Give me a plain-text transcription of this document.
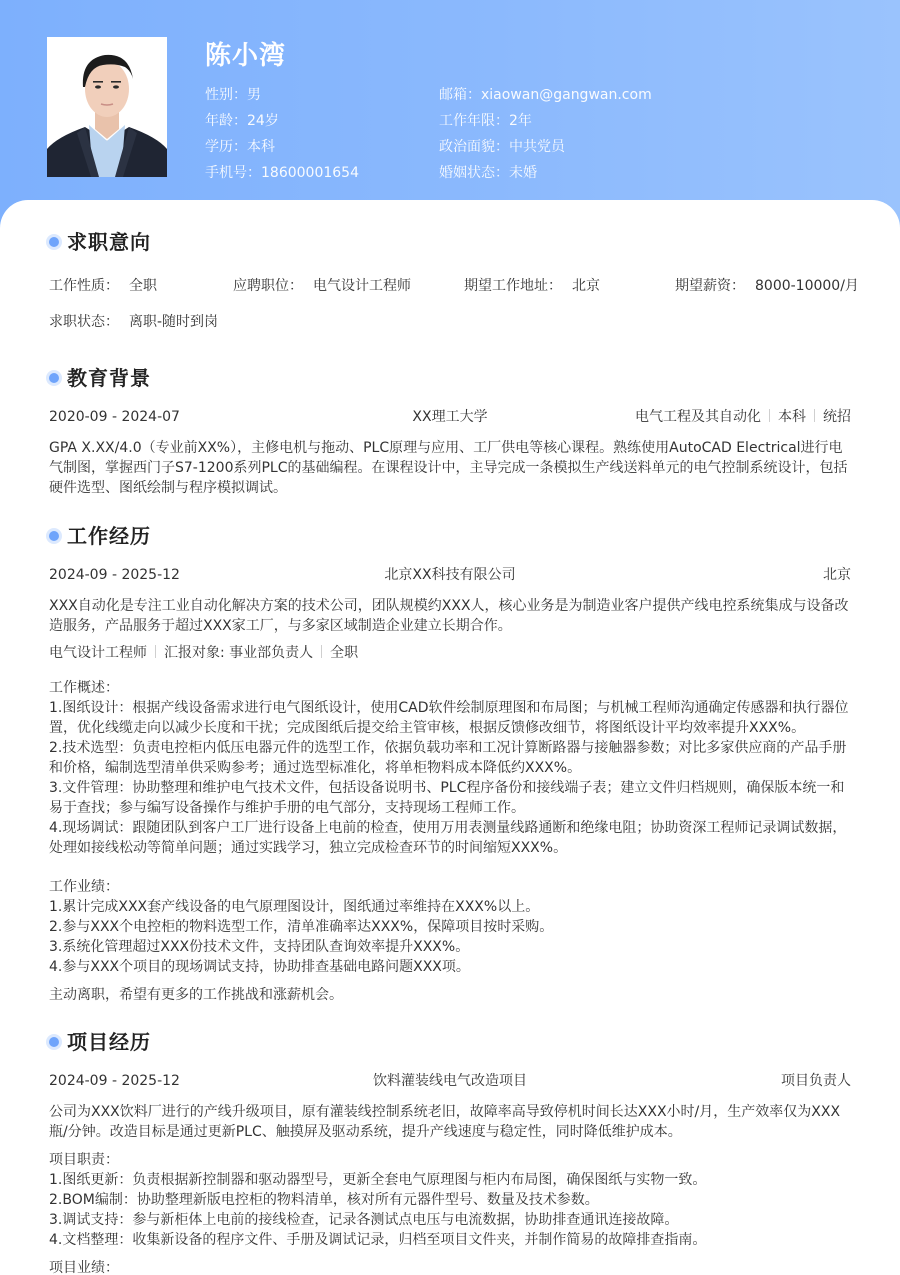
陈小湾
性别：男
年龄：24岁
学历：本科
手机号：18600001654
邮箱：xiaowan@gangwan.com
工作年限：2年
政治面貌：中共党员
婚姻状态：未婚
求职意向
工作性质： 全职	应聘职位： 电气设计工程师	期望工作地址： 北京	期望薪资： 8000-10000/月
求职状态： 离职-随时到岗
教育背景
2020-09 - 2024-07	XX理工大学	电气工程及其自动化 本科 统招
GPA X.XX/4.0（专业前XX%），主修电机与拖动、PLC原理与应用、工厂供电等核心课程。熟练使用AutoCAD Electrical进行电气制图，掌握西门子S7-1200系列PLC的基础编程。在课程设计中，主导完成一条模拟生产线送料单元的电气控制系统设计，包括硬件选型、图纸绘制与程序模拟调试。
工作经历
2024-09 - 2025-12	北京XX科技有限公司	北京
XXX自动化是专注工业自动化解决方案的技术公司，团队规模约XXX人，核心业务是为制造业客户提供产线电控系统集成与设备改造服务，产品服务于超过XXX家工厂，与多家区域制造企业建立长期合作。
电气设计工程师 汇报对象: 事业部负责人 全职
工作概述：
1.图纸设计：根据产线设备需求进行电气图纸设计，使用CAD软件绘制原理图和布局图；与机械工程师沟通确定传感器和执行器位置，优化线缆走向以减少长度和干扰；完成图纸后提交给主管审核，根据反馈修改细节，将图纸设计平均效率提升XXX%。
2.技术选型：负责电控柜内低压电器元件的选型工作，依据负载功率和工况计算断路器与接触器参数；对比多家供应商的产品手册和价格，编制选型清单供采购参考；通过选型标准化，将单柜物料成本降低约XXX%。
3.文件管理：协助整理和维护电气技术文件，包括设备说明书、PLC程序备份和接线端子表；建立文件归档规则，确保版本统一和易于查找；参与编写设备操作与维护手册的电气部分，支持现场工程师工作。
4.现场调试：跟随团队到客户工厂进行设备上电前的检查，使用万用表测量线路通断和绝缘电阻；协助资深工程师记录调试数据，处理如接线松动等简单问题；通过实践学习，独立完成检查环节的时间缩短XXX%。
工作业绩：
1.累计完成XXX套产线设备的电气原理图设计，图纸通过率维持在XXX%以上。
2.参与XXX个电控柜的物料选型工作，清单准确率达XXX%，保障项目按时采购。
3.系统化管理超过XXX份技术文件，支持团队查询效率提升XXX%。
4.参与XXX个项目的现场调试支持，协助排查基础电路问题XXX项。
主动离职，希望有更多的工作挑战和涨薪机会。
项目经历
2024-09 - 2025-12	饮料灌装线电气改造项目	项目负责人
公司为XXX饮料厂进行的产线升级项目，原有灌装线控制系统老旧，故障率高导致停机时间长达XXX小时/月，生产效率仅为XXX瓶/分钟。改造目标是通过更新PLC、触摸屏及驱动系统，提升产线速度与稳定性，同时降低维护成本。
项目职责：
1.图纸更新：负责根据新控制器和驱动器型号，更新全套电气原理图与柜内布局图，确保图纸与实物一致。
2.BOM编制：协助整理新版电控柜的物料清单，核对所有元器件型号、数量及技术参数。
3.调试支持：参与新柜体上电前的接线检查，记录各测试点电压与电流数据，协助排查通讯连接故障。
4.文档整理：收集新设备的程序文件、手册及调试记录，归档至项目文件夹，并制作简易的故障排查指南。
项目业绩：
